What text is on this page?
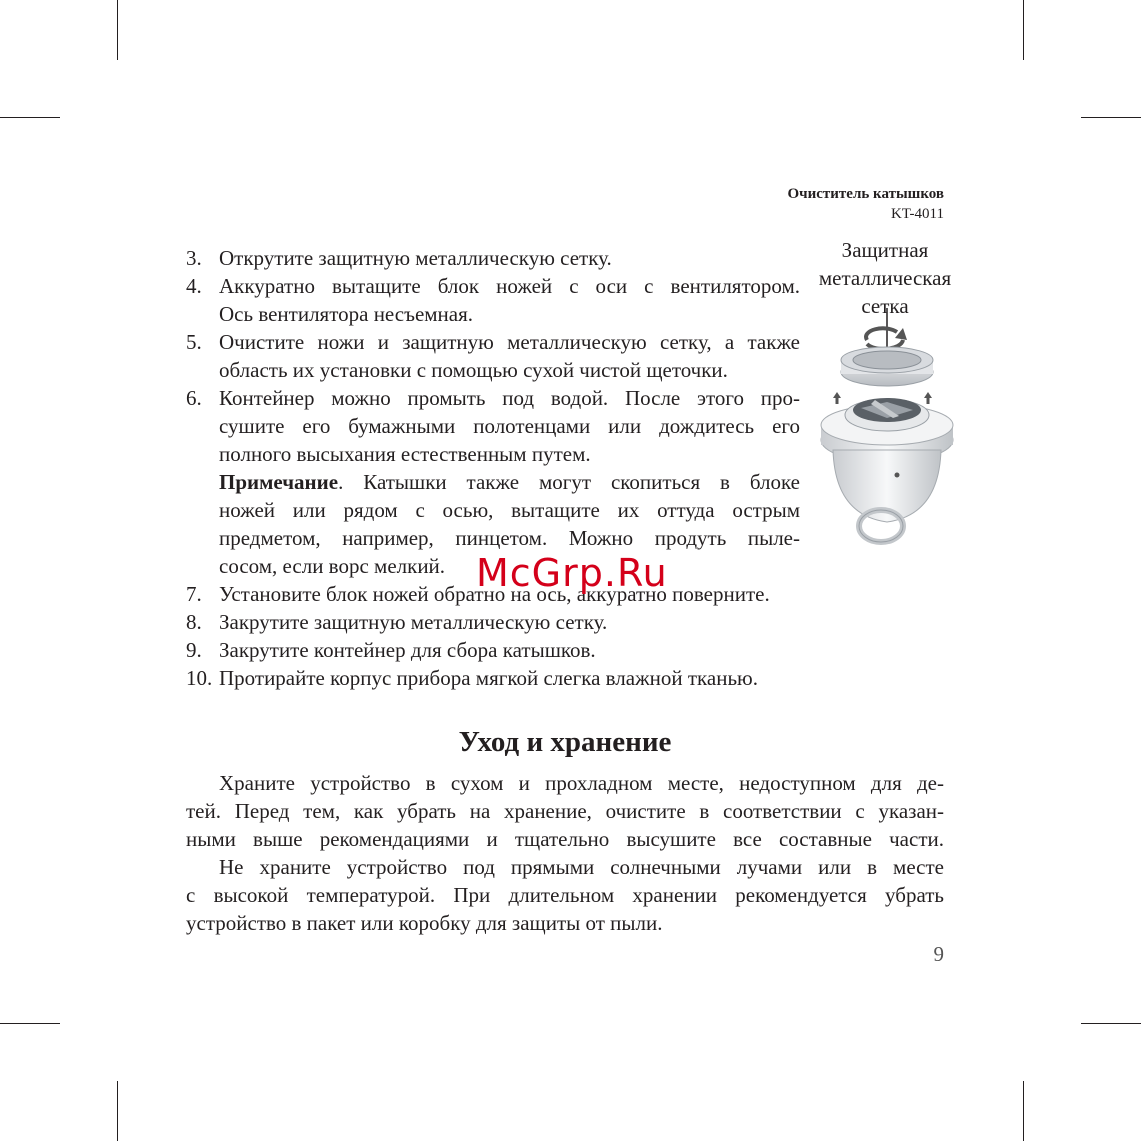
Очиститель катышков
KT-4011
Защитная
металлическая
сетка
3. Открутите защитную металлическую сетку.
4. Аккуратно вытащите блок ножей с оси с вентилятором.
Ось вентилятора несъемная.
5. Очистите ножи и защитную металлическую сетку, а также
область их установки с помощью сухой чистой щеточки.
6. Контейнер можно промыть под водой. После этого про-
сушите его бумажными полотенцами или дождитесь его
полного высыхания естественным путем.
Примечание. Катышки также могут скопиться в блоке
ножей или рядом с осью, вытащите их оттуда острым
предметом, например, пинцетом. Можно продуть пыле-
сосом, если ворс мелкий.
7. Установите блок ножей обратно на ось, аккуратно поверните.
8. Закрутите защитную металлическую сетку.
9. Закрутите контейнер для сбора катышков.
10. Протирайте корпус прибора мягкой слегка влажной тканью.
McGrp.Ru
Уход и хранение
Храните устройство в сухом и прохладном месте, недоступном для де-
тей. Перед тем, как убрать на хранение, очистите в соответствии с указан-
ными выше рекомендациями и тщательно высушите все составные части.
Не храните устройство под прямыми солнечными лучами или в месте
с высокой температурой. При длительном хранении рекомендуется убрать
устройство в пакет или коробку для защиты от пыли.
9
